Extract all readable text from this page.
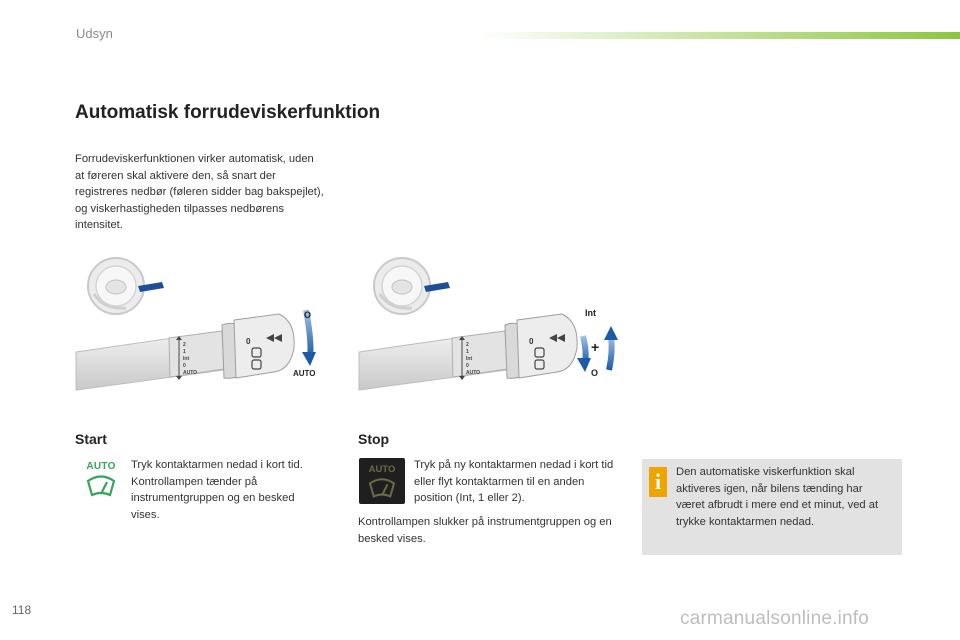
Udsyn
Automatisk forrudeviskerfunktion

Forrudeviskerfunktionen virker automatisk, uden at føreren skal aktivere den, så snart der registreres nedbør (føleren sidder bag bakspejlet), og viskerhastigheden tilpasses nedbørens intensitet.

O
AUTO
2
1
Int
0
AUTO
0
Int
+
O
2
1
Int
0
AUTO
0
Start
AUTO	Tryk kontaktarmen nedad i kort tid. Kontrollampen tænder på instrumentgruppen og en besked vises.

Stop
AUTO	Tryk på ny kontaktarmen nedad i kort tid eller flyt kontaktarmen til en anden position (Int, 1 eller 2).

Kontrollampen slukker på instrumentgruppen og en besked vises.

i	Den automatiske viskerfunktion skal aktiveres igen, når bilens tænding har været afbrudt i mere end et minut, ved at trykke kontaktarmen nedad.

118	carmanualsonline.info
